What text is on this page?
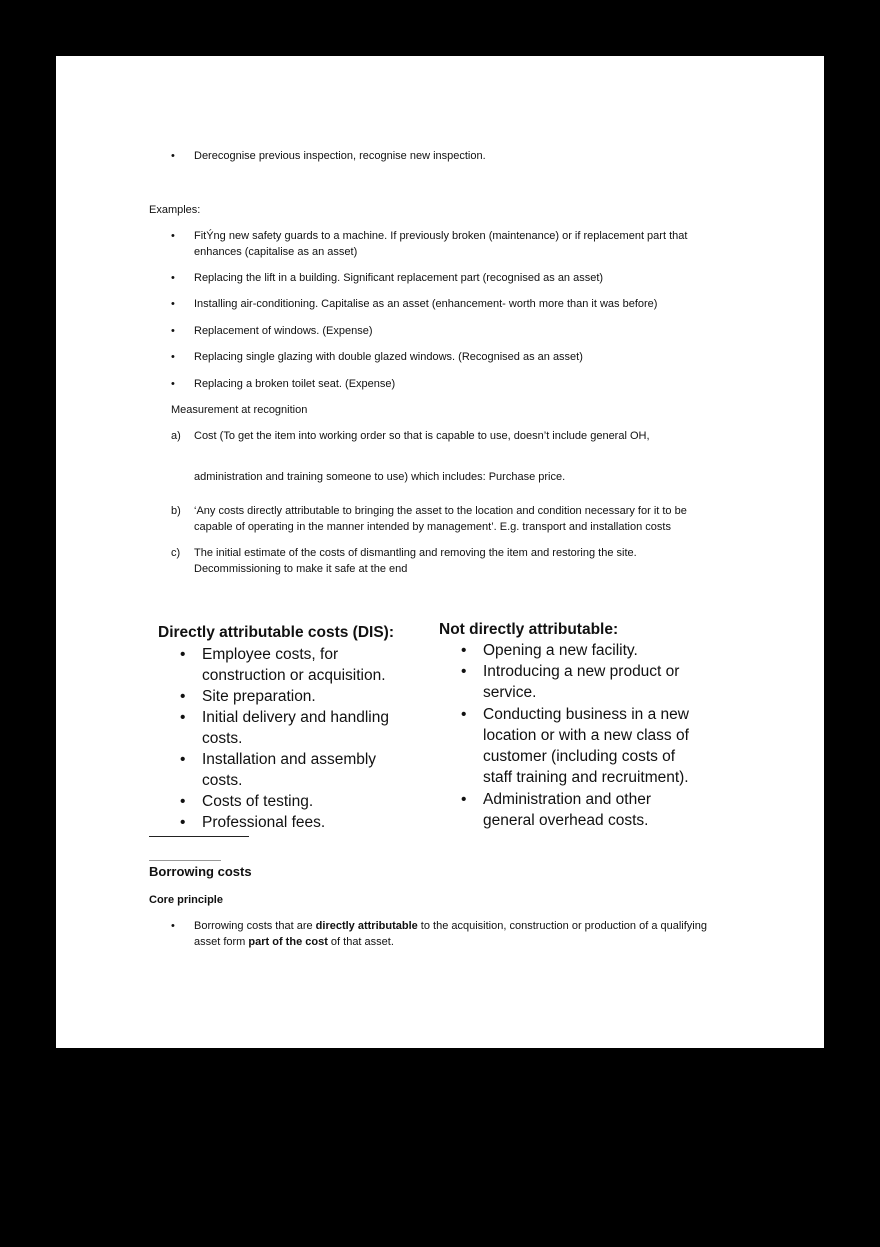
• Derecognise previous inspection, recognise new inspection.
Examples:
• FitÝng new safety guards to a machine. If previously broken (maintenance) or if replacement part that
enhances (capitalise as an asset)
• Replacing the lift in a building. Significant replacement part (recognised as an asset)
• Installing air-conditioning. Capitalise as an asset (enhancement- worth more than it was before)
• Replacement of windows. (Expense)
• Replacing single glazing with double glazed windows. (Recognised as an asset)
• Replacing a broken toilet seat. (Expense)
Measurement at recognition
a) Cost (To get the item into working order so that is capable to use, doesn’t include general OH,
administration and training someone to use) which includes: Purchase price.
b) ‘Any costs directly attributable to bringing the asset to the location and condition necessary for it to be
capable of operating in the manner intended by management’. E.g. transport and installation costs
c) The initial estimate of the costs of dismantling and removing the item and restoring the site.
Decommissioning to make it safe at the end
Directly attributable costs (DIS):
• Employee costs, for
construction or acquisition.
• Site preparation.
• Initial delivery and handling
costs.
• Installation and assembly
costs.
• Costs of testing.
• Professional fees.
Not directly attributable:
• Opening a new facility.
• Introducing a new product or
service.
• Conducting business in a new
location or with a new class of
customer (including costs of
staff training and recruitment).
• Administration and other
general overhead costs.
Borrowing costs
Core principle
• Borrowing costs that are directly attributable to the acquisition, construction or production of a qualifying
asset form part of the cost of that asset.
